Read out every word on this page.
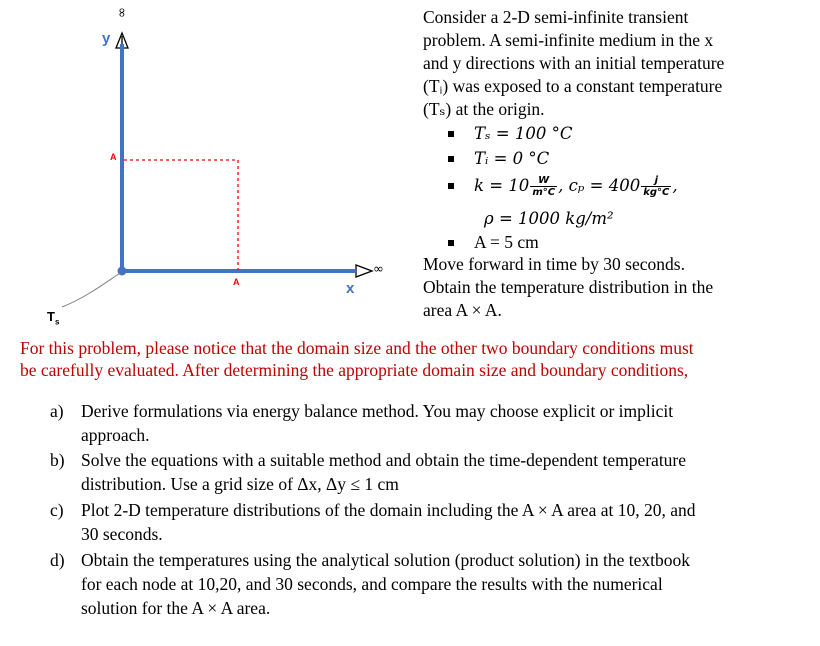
∞
y
A
A
∞
x
$T_s$
Consider a 2-D semi-infinite transient
problem. A semi-infinite medium in the x
and y directions with an initial temperature
(Tᵢ) was exposed to a constant temperature
(Tₛ) at the origin.
Tₛ = 100 °C
Tᵢ = 0 °C
$k = 10 \frac{W}{m^\circ C}$ , $c_p = 400 \frac{j}{kg^\circ C}$ ,
ρ = 1000 kg/m²
A = 5 cm
Move forward in time by 30 seconds.
Obtain the temperature distribution in the
area A × A.
For this problem, please notice that the domain size and the other two boundary conditions must
be carefully evaluated. After determining the appropriate domain size and boundary conditions,
a) Derive formulations via energy balance method. You may choose explicit or implicit
approach.
b) Solve the equations with a suitable method and obtain the time-dependent temperature
distribution. Use a grid size of Δx, Δy ≤ 1 cm
c) Plot 2-D temperature distributions of the domain including the A × A area at 10, 20, and
30 seconds.
d) Obtain the temperatures using the analytical solution (product solution) in the textbook
for each node at 10,20, and 30 seconds, and compare the results with the numerical
solution for the A × A area.
